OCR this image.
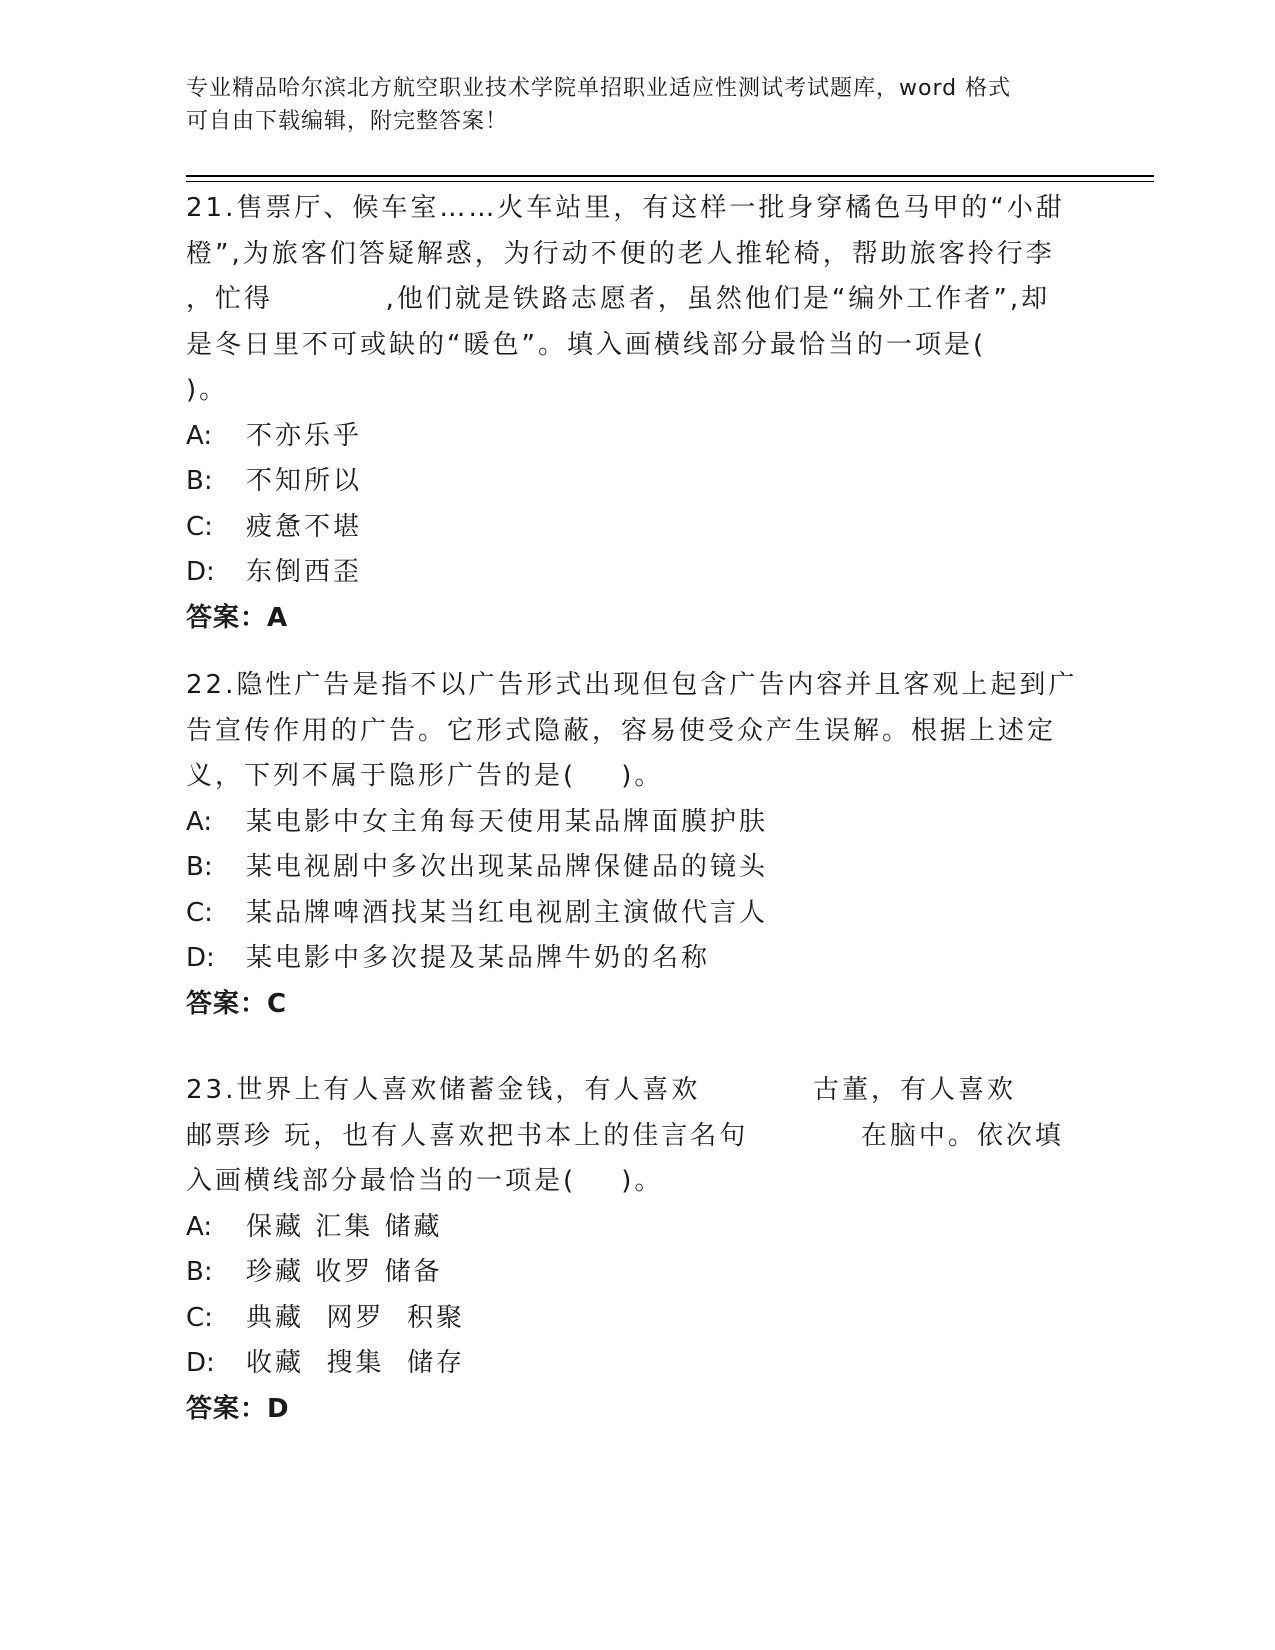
专业精品哈尔滨北方航空职业技术学院单招职业适应性测试考试题库，word 格式
可自由下载编辑，附完整答案！
21.售票厅、候车室……火车站里，有这样一批身穿橘色马甲的“小甜
橙”,为旅客们答疑解惑，为行动不便的老人推轮椅，帮助旅客拎行李
，忙得          ,他们就是铁路志愿者，虽然他们是“编外工作者”,却
是冬日里不可或缺的“暖色”。填入画横线部分最恰当的一项是(
)。
A:	不亦乐乎
B:	不知所以
C:	疲惫不堪
D:	东倒西歪
答案：A
22.隐性广告是指不以广告形式出现但包含广告内容并且客观上起到广
告宣传作用的广告。它形式隐蔽，容易使受众产生误解。根据上述定
义，下列不属于隐形广告的是(    )。
A:	某电影中女主角每天使用某品牌面膜护肤
B:	某电视剧中多次出现某品牌保健品的镜头
C:	某品牌啤酒找某当红电视剧主演做代言人
D:	某电影中多次提及某品牌牛奶的名称
答案：C
23.世界上有人喜欢储蓄金钱，有人喜欢          古董，有人喜欢
邮票珍 玩，也有人喜欢把书本上的佳言名句          在脑中。依次填
入画横线部分最恰当的一项是(    )。
A:	保藏 汇集 储藏
B:	珍藏 收罗 储备
C:	典藏  网罗  积聚
D:	收藏  搜集  储存
答案：D
